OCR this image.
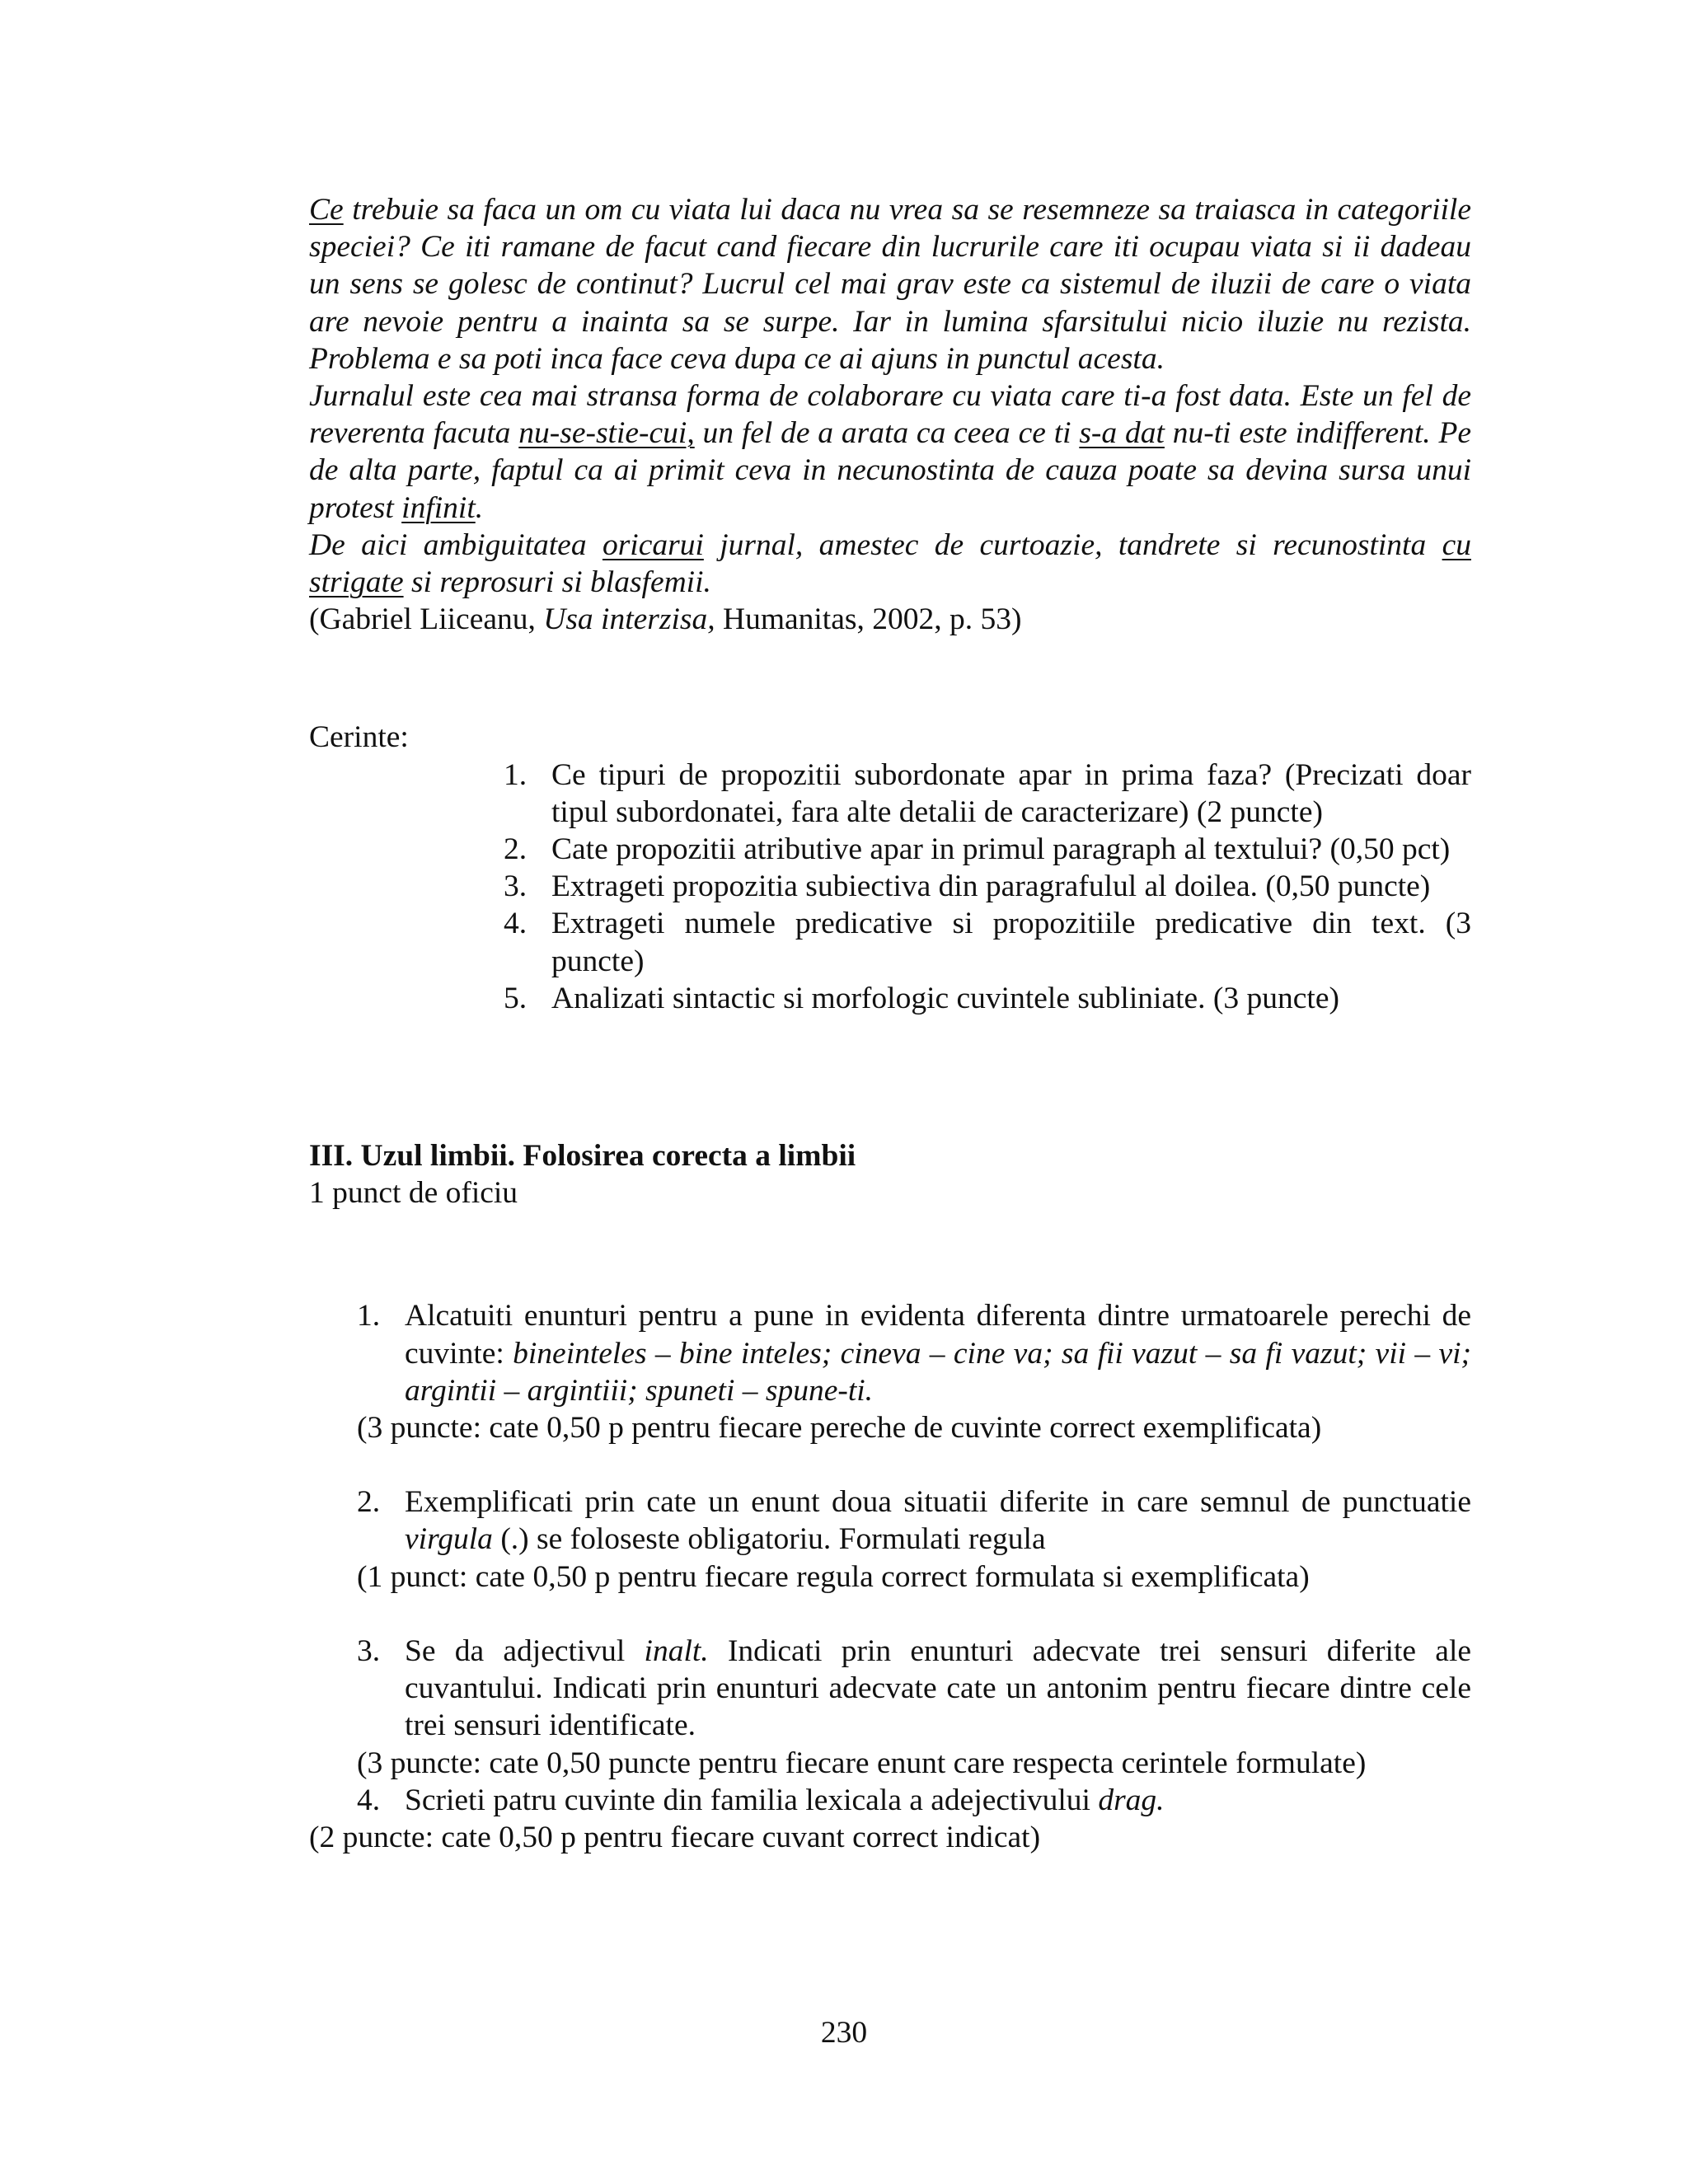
Ce trebuie sa faca un om cu viata lui daca nu vrea sa se resemneze sa traiasca in categoriile speciei? Ce iti ramane de facut cand fiecare din lucrurile care iti ocupau viata si ii dadeau un sens se golesc de continut? Lucrul cel mai grav este ca sistemul de iluzii de care o viata are nevoie pentru a inainta sa se surpe. Iar in lumina sfarsitului nicio iluzie nu rezista. Problema e sa poti inca face ceva dupa ce ai ajuns in punctul acesta.

Jurnalul este cea mai stransa forma de colaborare cu viata care ti-a fost data. Este un fel de reverenta facuta nu-se-stie-cui, un fel de a arata ca ceea ce ti s-a dat nu-ti este indifferent. Pe de alta parte, faptul ca ai primit ceva in necunostinta de cauza poate sa devina sursa unui protest infinit.

De aici ambiguitatea oricarui jurnal, amestec de curtoazie, tandrete si recunostinta cu strigate si reprosuri si blasfemii.

(Gabriel Liiceanu, Usa interzisa, Humanitas, 2002, p. 53)

Cerinte:

1. Ce tipuri de propozitii subordonate apar in prima faza? (Precizati doar tipul subordonatei, fara alte detalii de caracterizare) (2 puncte)
2. Cate propozitii atributive apar in primul paragraph al textului? (0,50 pct)
3. Extrageti propozitia subiectiva din paragrafulul al doilea. (0,50 puncte)
4. Extrageti numele predicative si propozitiile predicative din text. (3 puncte)
5. Analizati sintactic si morfologic cuvintele subliniate. (3 puncte)

III. Uzul limbii. Folosirea corecta a limbii

1 punct de oficiu

1. Alcatuiti enunturi pentru a pune in evidenta diferenta dintre urmatoarele perechi de cuvinte: bineinteles – bine inteles; cineva – cine va; sa fii vazut – sa fi vazut; vii – vi; argintii – argintiii; spuneti – spune-ti.
(3 puncte: cate 0,50 p pentru fiecare pereche de cuvinte correct exemplificata)
2. Exemplificati prin cate un enunt doua situatii diferite in care semnul de punctuatie virgula (.) se foloseste obligatoriu. Formulati regula
(1 punct: cate 0,50 p pentru fiecare regula correct formulata si exemplificata)
3. Se da adjectivul inalt. Indicati prin enunturi adecvate trei sensuri diferite ale cuvantului. Indicati prin enunturi adecvate cate un antonim pentru fiecare dintre cele trei sensuri identificate.
(3 puncte: cate 0,50 puncte pentru fiecare enunt care respecta cerintele formulate)
4. Scrieti patru cuvinte din familia lexicala a adejectivului drag.
(2 puncte: cate 0,50 p pentru fiecare cuvant correct indicat)
230
